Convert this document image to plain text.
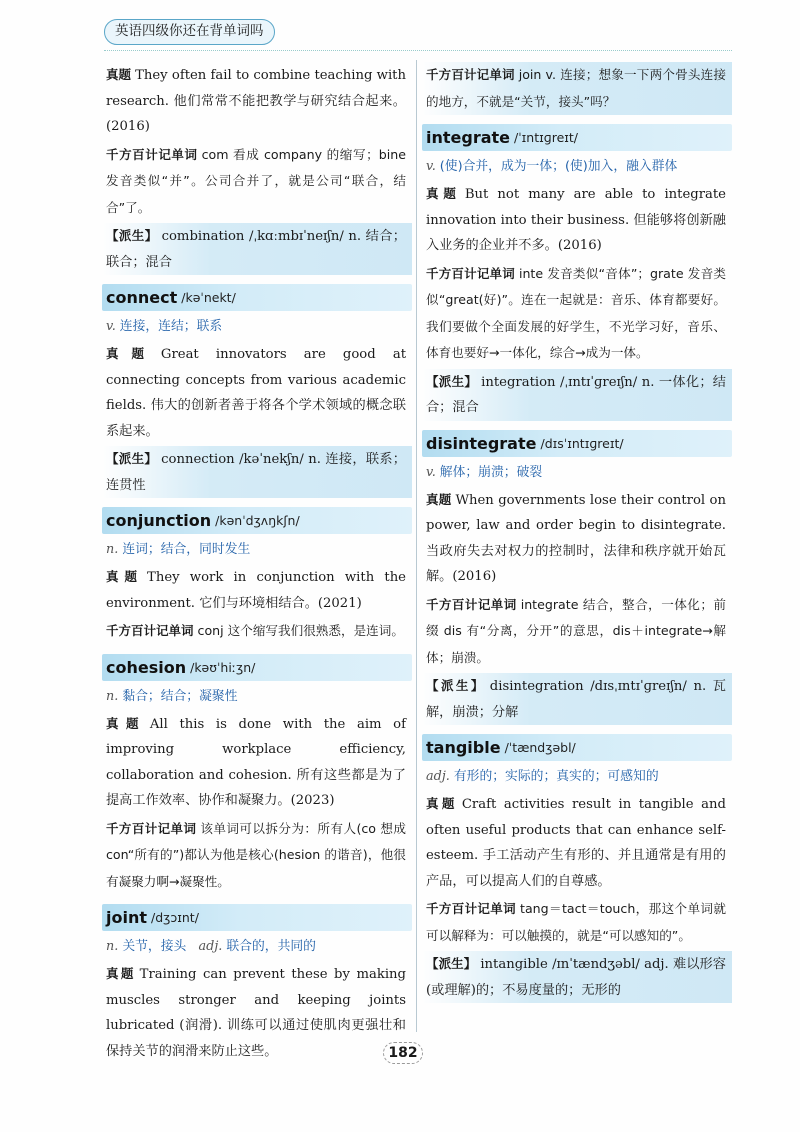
英语四级你还在背单词吗
真题 They often fail to combine teaching with research. 他们常常不能把教学与研究结合起来。(2016)
千方百计记单词 com 看成 company 的缩写；bine 发音类似“并”。公司合并了，就是公司“联合，结合”了。
【派生】 combination /ˌkɑːmbɪˈneɪʃn/ n. 结合；联合；混合
connect /kəˈnekt/
v. 连接，连结；联系
真题 Great innovators are good at connecting concepts from various academic fields. 伟大的创新者善于将各个学术领域的概念联系起来。
【派生】 connection /kəˈnekʃn/ n. 连接，联系；连贯性
conjunction /kənˈdʒʌŋkʃn/
n. 连词；结合，同时发生
真题 They work in conjunction with the environment. 它们与环境相结合。(2021)
千方百计记单词 conj 这个缩写我们很熟悉，是连词。
cohesion /kəʊˈhiːʒn/
n. 黏合；结合；凝聚性
真题 All this is done with the aim of improving workplace efficiency, collaboration and cohesion. 所有这些都是为了提高工作效率、协作和凝聚力。(2023)
千方百计记单词 该单词可以拆分为：所有人(co 想成 con“所有的”)都认为他是核心(hesion 的谐音)，他很有凝聚力啊→凝聚性。
joint /dʒɔɪnt/
n. 关节，接头 adj. 联合的，共同的
真题 Training can prevent these by making muscles stronger and keeping joints lubricated (润滑). 训练可以通过使肌肉更强壮和保持关节的润滑来防止这些。
千方百计记单词 join v. 连接；想象一下两个骨头连接的地方，不就是“关节，接头”吗？
integrate /ˈɪntɪɡreɪt/
v. (使)合并，成为一体；(使)加入，融入群体
真题 But not many are able to integrate innovation into their business. 但能够将创新融入业务的企业并不多。(2016)
千方百计记单词 inte 发音类似“音体”；grate 发音类似“great(好)”。连在一起就是：音乐、体育都要好。我们要做个全面发展的好学生，不光学习好，音乐、体育也要好→一体化，综合→成为一体。
【派生】 integration /ˌɪntɪˈɡreɪʃn/ n. 一体化；结合；混合
disintegrate /dɪsˈɪntɪɡreɪt/
v. 解体；崩溃；破裂
真题 When governments lose their control on power, law and order begin to disintegrate. 当政府失去对权力的控制时，法律和秩序就开始瓦解。(2016)
千方百计记单词 integrate 结合，整合，一体化；前缀 dis 有“分离，分开”的意思，dis＋integrate→解体；崩溃。
【派生】 disintegration /dɪsˌɪntɪˈɡreɪʃn/ n. 瓦解，崩溃；分解
tangible /ˈtændʒəbl/
adj. 有形的；实际的；真实的；可感知的
真题 Craft activities result in tangible and often useful products that can enhance self-esteem. 手工活动产生有形的、并且通常是有用的产品，可以提高人们的自尊感。
千方百计记单词 tang＝tact＝touch，那这个单词就可以解释为：可以触摸的，就是“可以感知的”。
【派生】 intangible /ɪnˈtændʒəbl/ adj. 难以形容(或理解)的；不易度量的；无形的
182
